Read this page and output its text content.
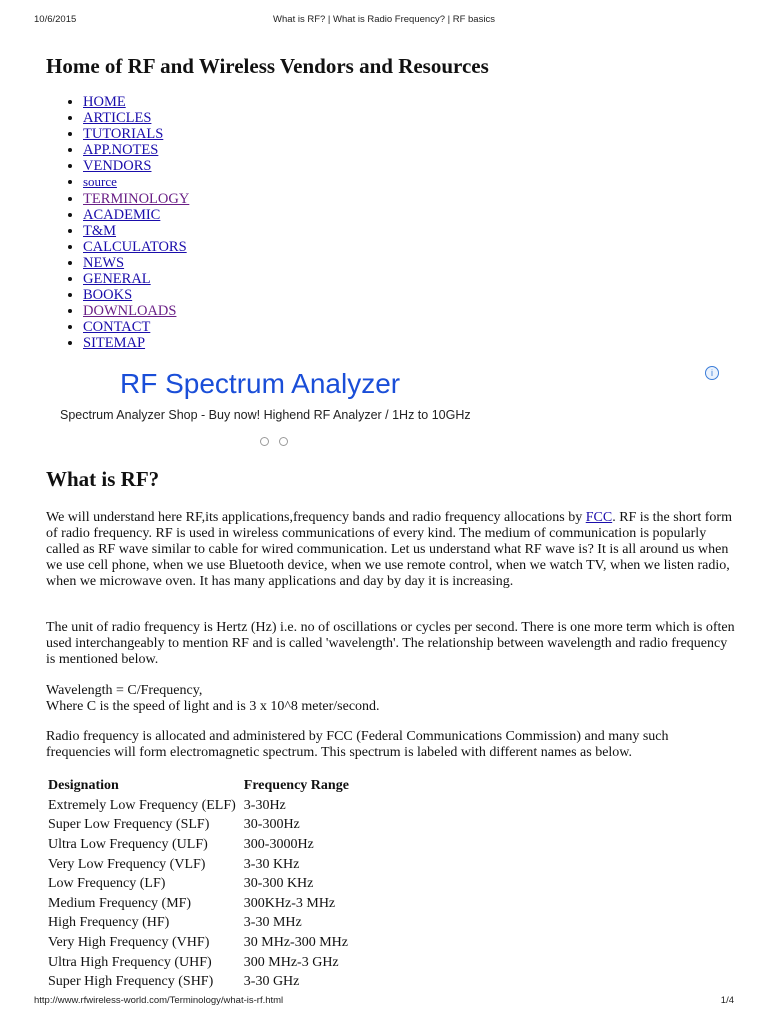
10/6/2015	What is RF? | What is Radio Frequency? | RF basics
Home of RF and Wireless Vendors and Resources
• HOME
• ARTICLES
• TUTORIALS
• APP.NOTES
• VENDORS
• source
• TERMINOLOGY
• ACADEMIC
• T&M
• CALCULATORS
• NEWS
• GENERAL
• BOOKS
• DOWNLOADS
• CONTACT
• SITEMAP
RF Spectrum Analyzer	i
Spectrum Analyzer Shop - Buy now! Highend RF Analyzer / 1Hz to 10GHz

What is RF?

We will understand here RF,its applications,frequency bands and radio frequency allocations by FCC. RF is the short form of radio frequency. RF is used in wireless communications of every kind. The medium of communication is popularly called as RF wave similar to cable for wired communication. Let us understand what RF wave is? It is all around us when we use cell phone, when we use Bluetooth device, when we use remote control, when we watch TV, when we listen radio, when we microwave oven. It has many applications and day by day it is increasing.

The unit of radio frequency is Hertz (Hz) i.e. no of oscillations or cycles per second. There is one more term which is often used interchangeably to mention RF and is called 'wavelength'. The relationship between wavelength and radio frequency is mentioned below.

Wavelength = C/Frequency,
Where C is the speed of light and is 3 x 10^8 meter/second.

Radio frequency is allocated and administered by FCC (Federal Communications Commission) and many such frequencies will form electromagnetic spectrum. This spectrum is labeled with different names as below.

Designation	Frequency Range
Extremely Low Frequency (ELF)	3-30Hz
Super Low Frequency (SLF)	30-300Hz
Ultra Low Frequency (ULF)	300-3000Hz
Very Low Frequency (VLF)	3-30 KHz
Low Frequency (LF)	30-300 KHz
Medium Frequency (MF)	300KHz-3 MHz
High Frequency (HF)	3-30 MHz
Very High Frequency (VHF)	30 MHz-300 MHz
Ultra High Frequency (UHF)	300 MHz-3 GHz
Super High Frequency (SHF)	3-30 GHz
http://www.rfwireless-world.com/Terminology/what-is-rf.html	1/4
